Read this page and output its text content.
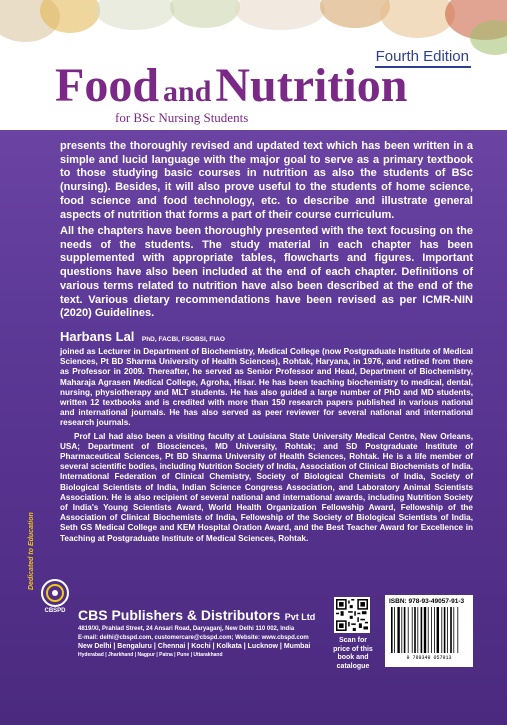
Fourth Edition
Food and Nutrition
for BSc Nursing Students

presents the thoroughly revised and updated text which has been written in a simple and lucid language with the major goal to serve as a primary textbook to those studying basic courses in nutrition as also the students of BSc (nursing). Besides, it will also prove useful to the students of home science, food science and food technology, etc. to describe and illustrate general aspects of nutrition that forms a part of their course curriculum.

All the chapters have been thoroughly presented with the text focusing on the needs of the students. The study material in each chapter has been supplemented with appropriate tables, flowcharts and figures. Important questions have also been included at the end of each chapter. Definitions of various terms related to nutrition have also been described at the end of the text. Various dietary recommendations have been revised as per ICMR-NIN (2020) Guidelines.

Harbans Lal PhD, FACBI, FSOBSI, FIAO

joined as Lecturer in Department of Biochemistry, Medical College (now Postgraduate Institute of Medical Sciences, Pt BD Sharma University of Health Sciences), Rohtak, Haryana, in 1976, and retired from there as Professor in 2009. Thereafter, he served as Senior Professor and Head, Department of Biochemistry, Maharaja Agrasen Medical College, Agroha, Hisar. He has been teaching biochemistry to medical, dental, nursing, physiotherapy and MLT students. He has also guided a large number of PhD and MD students, written 12 textbooks and is credited with more than 150 research papers published in various national and international journals. He has also served as peer reviewer for several national and international research journals.

Prof Lal had also been a visiting faculty at Louisiana State University Medical Centre, New Orleans, USA; Department of Biosciences, MD University, Rohtak; and SD Postgraduate Institute of Pharmaceutical Sciences, Pt BD Sharma University of Health Sciences, Rohtak. He is a life member of several scientific bodies, including Nutrition Society of India, Association of Clinical Biochemists of India, International Federation of Clinical Chemistry, Society of Biological Chemists of India, Society of Biological Scientists of India, Indian Science Congress Association, and Laboratory Animal Scientists Association. He is also recipient of several national and international awards, including Nutrition Society of India's Young Scientists Award, World Health Organization Fellowship Award, Fellowship of the Association of Clinical Biochemists of India, Fellowship of the Society of Biological Scientists of India, Seth GS Medical College and KEM Hospital Oration Award, and the Best Teacher Award for Excellence in Teaching at Postgraduate Institute of Medical Sciences, Rohtak.

Dedicated to Education
CBSPD CBS Publishers & Distributors Pvt Ltd
4819/XI, Prahlad Street, 24 Ansari Road, Daryaganj, New Delhi 110 002, India
E-mail: delhi@cbspd.com, customercare@cbspd.com; Website: www.cbspd.com
New Delhi | Bengaluru | Chennai | Kochi | Kolkata | Lucknow | Mumbai
Hyderabad | Jharkhand | Nagpur | Patna | Pune | Uttarakhand
Scan for price of this book and catalogue
ISBN: 978-93-49057-91-3
9 789349 057913
